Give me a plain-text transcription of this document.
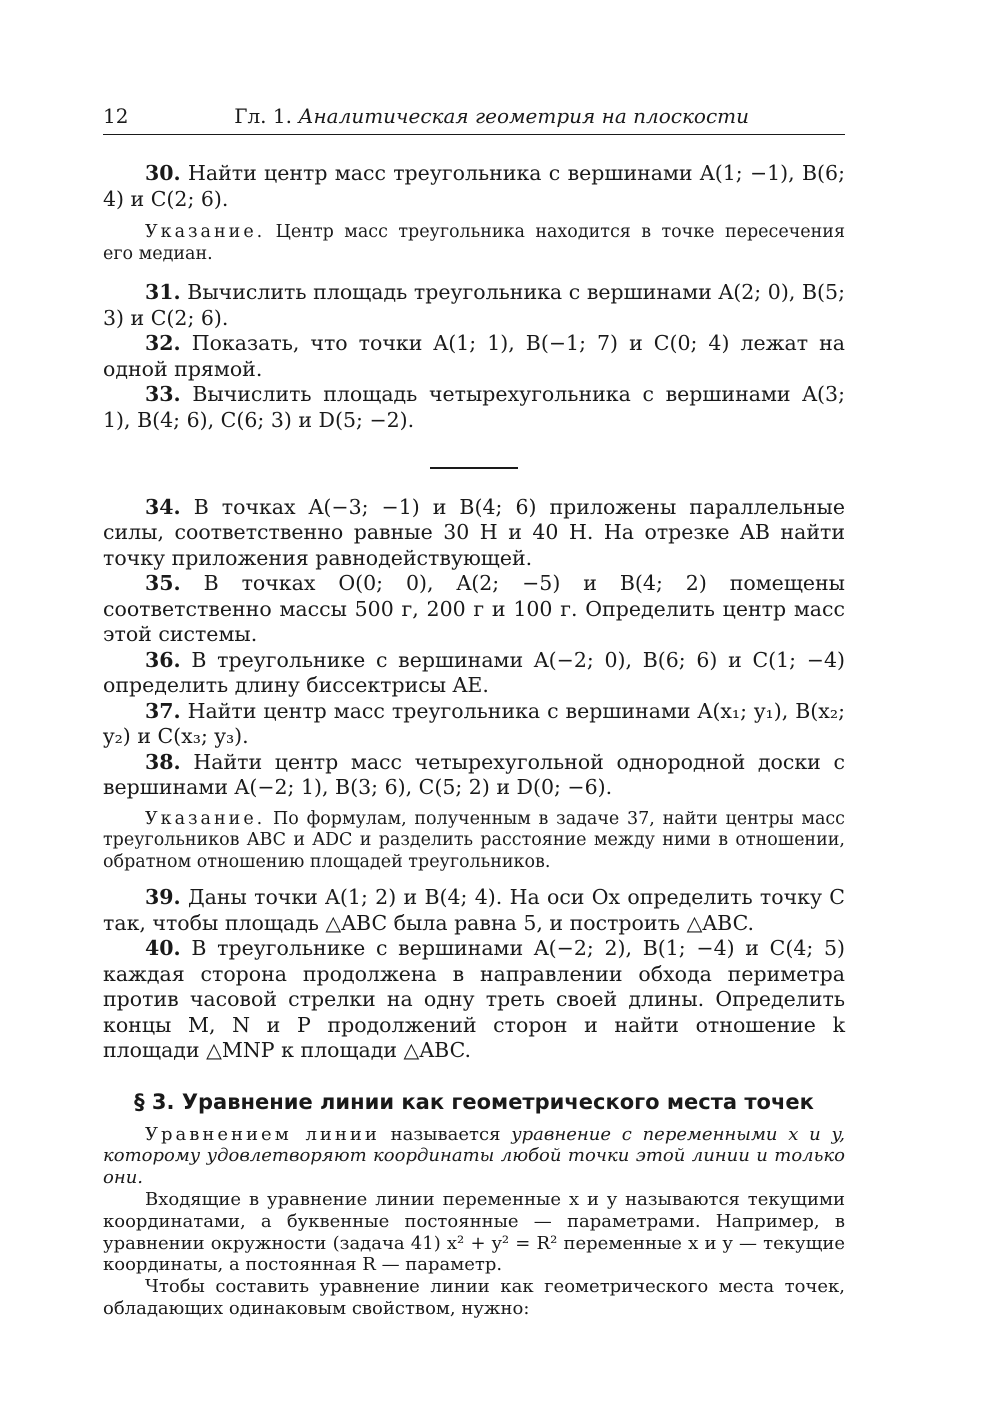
12	Гл. 1. Аналитическая геометрия на плоскости

30. Найти центр масс треугольника с вершинами A(1; −1), B(6; 4) и C(2; 6).

Указание. Центр масс треугольника находится в точке пересечения его медиан.

31. Вычислить площадь треугольника с вершинами A(2; 0), B(5; 3) и C(2; 6).

32. Показать, что точки A(1; 1), B(−1; 7) и C(0; 4) лежат на одной прямой.

33. Вычислить площадь четырехугольника с вершинами A(3; 1), B(4; 6), C(6; 3) и D(5; −2).

34. В точках A(−3; −1) и B(4; 6) приложены параллельные силы, соответственно равные 30 Н и 40 Н. На отрезке AB найти точку приложения равнодействующей.

35. В точках O(0; 0), A(2; −5) и B(4; 2) помещены соответственно массы 500 г, 200 г и 100 г. Определить центр масс этой системы.

36. В треугольнике с вершинами A(−2; 0), B(6; 6) и C(1; −4) определить длину биссектрисы AE.

37. Найти центр масс треугольника с вершинами A(x₁; y₁), B(x₂; y₂) и C(x₃; y₃).

38. Найти центр масс четырехугольной однородной доски с вершинами A(−2; 1), B(3; 6), C(5; 2) и D(0; −6).

Указание. По формулам, полученным в задаче 37, найти центры масс треугольников ABC и ADC и разделить расстояние между ними в отношении, обратном отношению площадей треугольников.

39. Даны точки A(1; 2) и B(4; 4). На оси Ox определить точку C так, чтобы площадь △ABC была равна 5, и построить △ABC.

40. В треугольнике с вершинами A(−2; 2), B(1; −4) и C(4; 5) каждая сторона продолжена в направлении обхода периметра против часовой стрелки на одну треть своей длины. Определить концы M, N и P продолжений сторон и найти отношение k площади △MNP к площади △ABC.

§ 3. Уравнение линии как геометрического места точек

Уравнением линии называется уравнение с переменными x и y, которому удовлетворяют координаты любой точки этой линии и только они.

Входящие в уравнение линии переменные x и y называются текущими координатами, а буквенные постоянные — параметрами. Например, в уравнении окружности (задача 41) x² + y² = R² переменные x и y — текущие координаты, а постоянная R — параметр.

Чтобы составить уравнение линии как геометрического места точек, обладающих одинаковым свойством, нужно:
